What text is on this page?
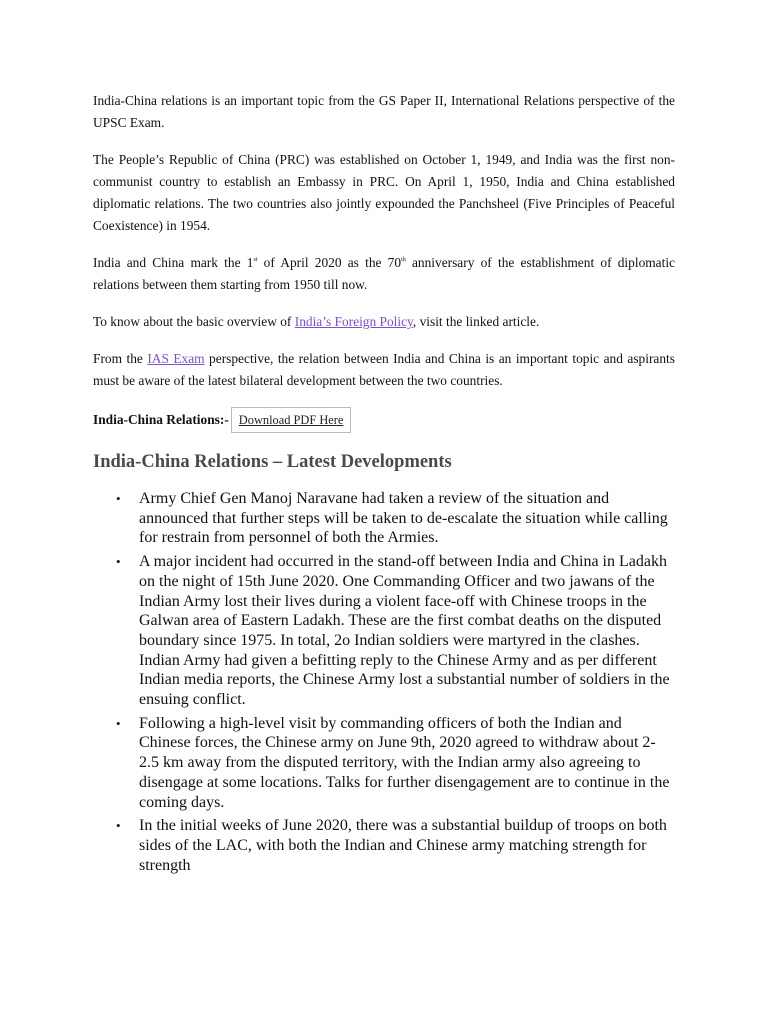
India-China relations is an important topic from the GS Paper II, International Relations perspective of the UPSC Exam.

The People’s Republic of China (PRC) was established on October 1, 1949, and India was the first non-communist country to establish an Embassy in PRC. On April 1, 1950, India and China established diplomatic relations. The two countries also jointly expounded the Panchsheel (Five Principles of Peaceful Coexistence) in 1954.

India and China mark the 1st of April 2020 as the 70th anniversary of the establishment of diplomatic relations between them starting from 1950 till now.

To know about the basic overview of India’s Foreign Policy, visit the linked article.

From the IAS Exam perspective, the relation between India and China is an important topic and aspirants must be aware of the latest bilateral development between the two countries.

India-China Relations:- Download PDF Here
India-China Relations – Latest Developments
• Army Chief Gen Manoj Naravane had taken a review of the situation and announced that further steps will be taken to de-escalate the situation while calling for restrain from personnel of both the Armies.
• A major incident had occurred in the stand-off between India and China in Ladakh on the night of 15th June 2020. One Commanding Officer and two jawans of the Indian Army lost their lives during a violent face-off with Chinese troops in the Galwan area of Eastern Ladakh. These are the first combat deaths on the disputed boundary since 1975. In total, 2o Indian soldiers were martyred in the clashes. Indian Army had given a befitting reply to the Chinese Army and as per different Indian media reports, the Chinese Army lost a substantial number of soldiers in the ensuing conflict.
• Following a high-level visit by commanding officers of both the Indian and Chinese forces, the Chinese army on June 9th, 2020 agreed to withdraw about 2-2.5 km away from the disputed territory, with the Indian army also agreeing to disengage at some locations. Talks for further disengagement are to continue in the coming days.
• In the initial weeks of June 2020, there was a substantial buildup of troops on both sides of the LAC, with both the Indian and Chinese army matching strength for strength
